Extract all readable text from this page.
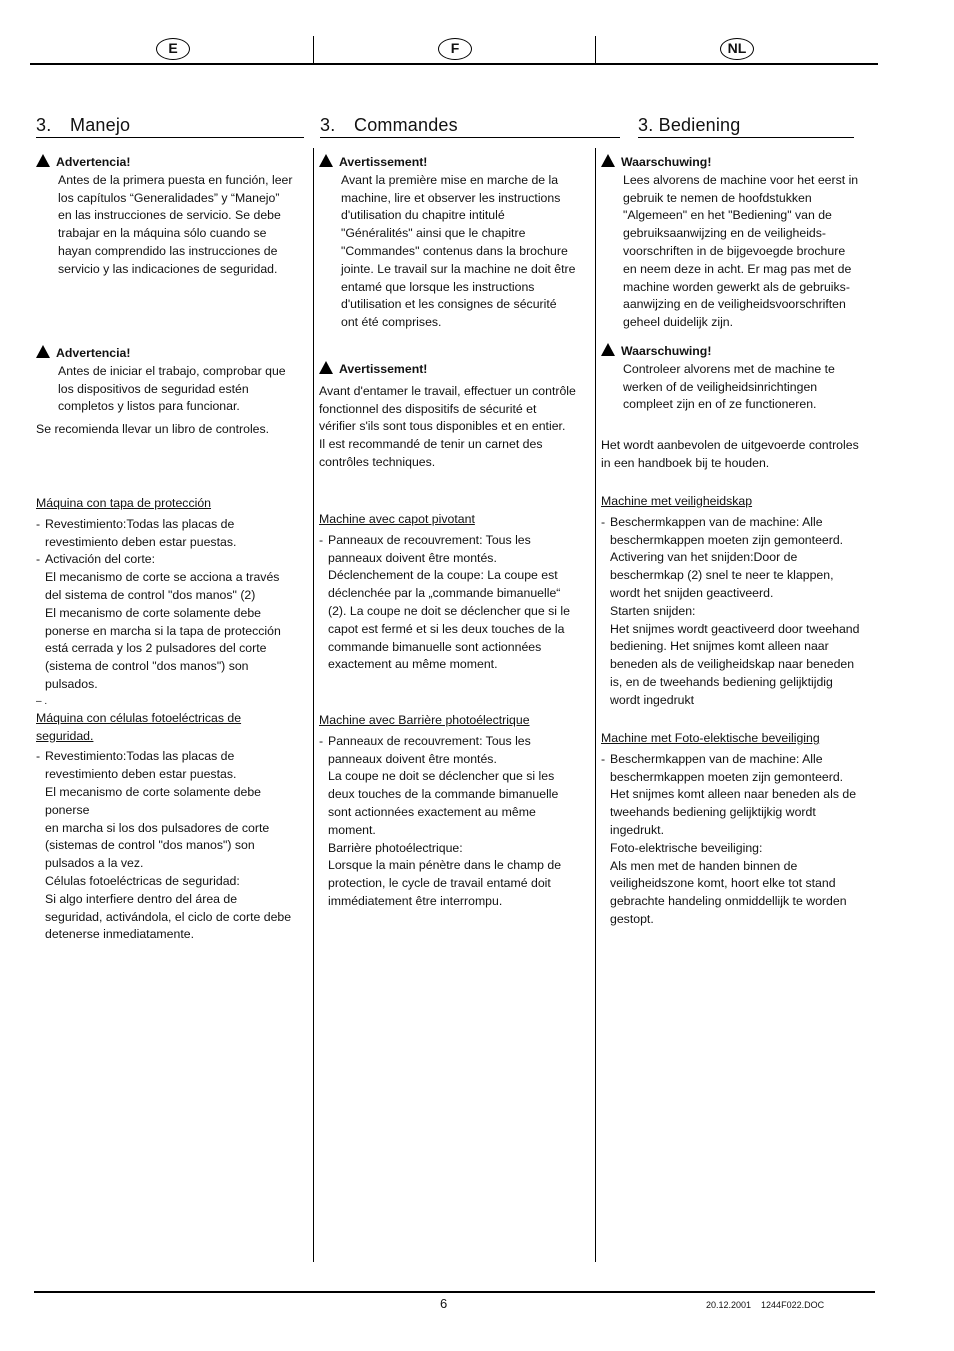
E	F	NL
3. Manejo	3. Commandes	3. Bediening

Advertencia!

Antes de la primera puesta en función, leer

los capítulos “Generalidades” y “Manejo”

en las instrucciones de servicio. Se debe

trabajar en la máquina sólo cuando se

hayan comprendido las instrucciones de

servicio y las indicaciones de seguridad.

Advertencia!

Antes de iniciar el trabajo, comprobar que

los dispositivos de seguridad estén

completos y listos para funcionar.

Se recomienda llevar un libro de controles.

Máquina con tapa de protección

- Revestimiento:Todas las placas de

revestimiento deben estar puestas.

- Activación del corte:

El mecanismo de corte se acciona a través

del sistema de control "dos manos" (2)

El mecanismo de corte solamente debe

ponerse en marcha si la tapa de protección

está cerrada y los 2 pulsadores del corte

(sistema de control "dos manos") son

pulsados.

– .

Máquina con células fotoeléctricas de

seguridad.

- Revestimiento:Todas las placas de

revestimiento deben estar puestas.

El mecanismo de corte solamente debe

ponerse

en marcha si los dos pulsadores de corte

(sistemas de control "dos manos") son

pulsados a la vez.

Células fotoeléctricas de seguridad:

Si algo interfiere dentro del área de

seguridad, activándola, el ciclo de corte debe

detenerse inmediatamente.

Avertissement!

Avant la première mise en marche de la

machine, lire et observer les instructions

d'utilisation du chapitre intitulé

"Généralités" ainsi que le chapitre

"Commandes" contenus dans la brochure

jointe. Le travail sur la machine ne doit être

entamé que lorsque les instructions

d'utilisation et les consignes de sécurité

ont été comprises.

Avertissement!

Avant d'entamer le travail, effectuer un contrôle

fonctionnel des dispositifs de sécurité et

vérifier s'ils sont tous disponibles et en entier.

Il est recommandé de tenir un carnet des

contrôles techniques.

Machine avec capot pivotant

- Panneaux de recouvrement: Tous les

panneaux doivent être montés.

Déclenchement de la coupe: La coupe est

déclenchée par la „commande bimanuelle“

(2). La coupe ne doit se déclencher que si le

capot est fermé et si les deux touches de la

commande bimanuelle sont actionnées

exactement au même moment.

Machine avec Barrière photoélectrique

- Panneaux de recouvrement: Tous les

panneaux doivent être montés.

La coupe ne doit se déclencher que si les

deux touches de la commande bimanuelle

sont actionnées exactement au même

moment.

Barrière photoélectrique:

Lorsque la main pénètre dans le champ de

protection, le cycle de travail entamé doit

immédiatement être interrompu.

Waarschuwing!

Lees alvorens de machine voor het eerst in

gebruik te nemen de hoofdstukken

"Algemeen" en het "Bediening" van de

gebruiksaanwijzing en de veiligheids-

voorschriften in de bijgevoegde brochure

en neem deze in acht. Er mag pas met de

machine worden gewerkt als de gebruiks-

aanwijzing en de veiligheidsvoorschriften

geheel duidelijk zijn.

Waarschuwing!

Controleer alvorens met de machine te

werken of de veiligheidsinrichtingen

compleet zijn en of ze functioneren.

Het wordt aanbevolen de uitgevoerde controles

in een handboek bij te houden.

Machine met veiligheidskap

- Beschermkappen van de machine: Alle

beschermkappen moeten zijn gemonteerd.

Activering van het snijden:Door de

beschermkap (2) snel te neer te klappen,

wordt het snijden geactiveerd.

Starten snijden:

Het snijmes wordt geactiveerd door tweehand

bediening. Het snijmes komt alleen naar

beneden als de veiligheidskap naar beneden

is, en de tweehands bediening gelijktijdig

wordt ingedrukt

Machine met Foto-elektische beveiliging

- Beschermkappen van de machine: Alle

beschermkappen moeten zijn gemonteerd.

Het snijmes komt alleen naar beneden als de

tweehands bediening gelijktijkig wordt

ingedrukt.

Foto-elektrische beveiliging:

Als men met de handen binnen de

veiligheidszone komt, hoort elke tot stand

gebrachte handeling onmiddellijk te worden

gestopt.

6	20.12.2001    1244F022.DOC
